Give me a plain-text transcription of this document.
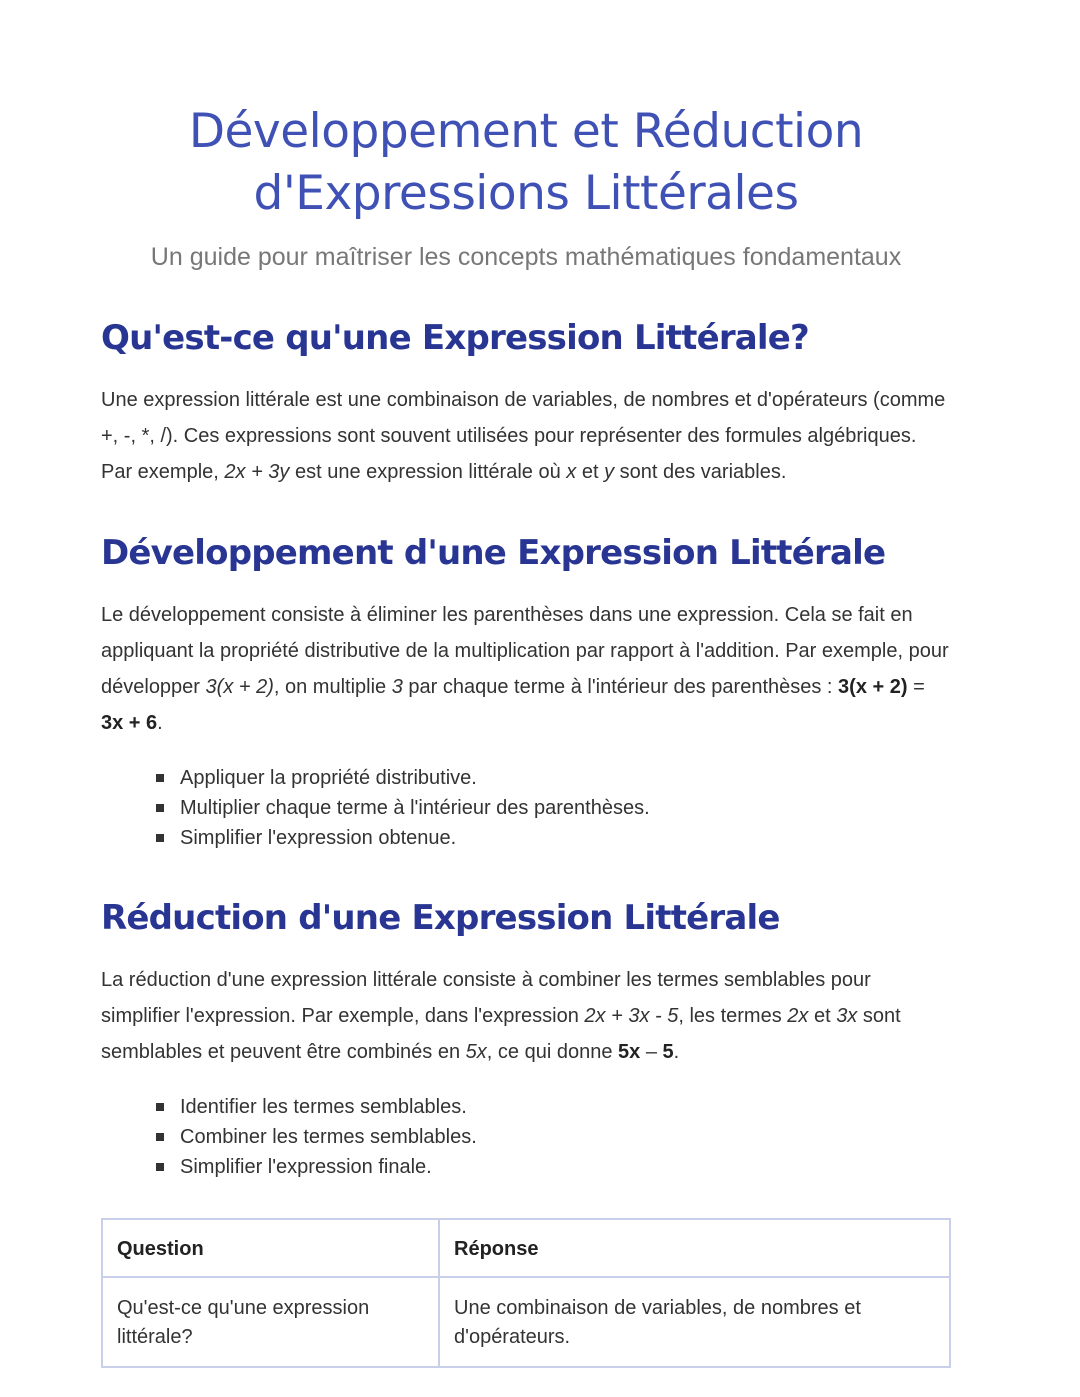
Développement et Réduction
d'Expressions Littérales

Un guide pour maîtriser les concepts mathématiques fondamentaux

Qu'est-ce qu'une Expression Littérale?

Une expression littérale est une combinaison de variables, de nombres et d'opérateurs (comme +, -, *, /). Ces expressions sont souvent utilisées pour représenter des formules algébriques. Par exemple, 2x + 3y est une expression littérale où x et y sont des variables.

Développement d'une Expression Littérale

Le développement consiste à éliminer les parenthèses dans une expression. Cela se fait en appliquant la propriété distributive de la multiplication par rapport à l'addition. Par exemple, pour développer 3(x + 2), on multiplie 3 par chaque terme à l'intérieur des parenthèses : 3(x + 2) = 3x + 6.

Appliquer la propriété distributive.
Multiplier chaque terme à l'intérieur des parenthèses.
Simplifier l'expression obtenue.
Réduction d'une Expression Littérale

La réduction d'une expression littérale consiste à combiner les termes semblables pour simplifier l'expression. Par exemple, dans l'expression 2x + 3x - 5, les termes 2x et 3x sont semblables et peuvent être combinés en 5x, ce qui donne 5x – 5.

Identifier les termes semblables.
Combiner les termes semblables.
Simplifier l'expression finale.
Question	Réponse
Qu'est-ce qu'une expression littérale?	Une combinaison de variables, de nombres et d'opérateurs.
